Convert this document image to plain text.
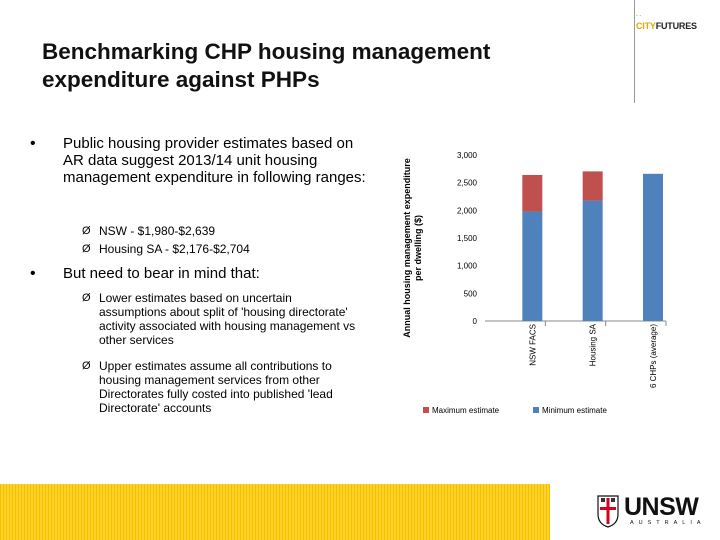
. .
CITYFUTURES
Benchmarking CHP housing management expenditure against PHPs
• Public housing provider estimates based on AR data suggest 2013/14 unit housing management expenditure in following ranges:
Ø NSW - $1,980-$2,639
Ø Housing SA - $2,176-$2,704
• But need to bear in mind that:
Ø Lower estimates based on uncertain assumptions about split of 'housing directorate' activity associated with housing management vs other services
Ø Upper estimates assume all contributions to housing management services from other Directorates fully costed into published 'lead Directorate' accounts
Annual housing management expenditureper dwelling ($)
0
500
1,000
1,500
2,000
2,500
3,000
NSW FACS	Housing SA	6 CHPs (average)
Maximum estimate	Minimum estimate
UNSW
AUSTRALIA
